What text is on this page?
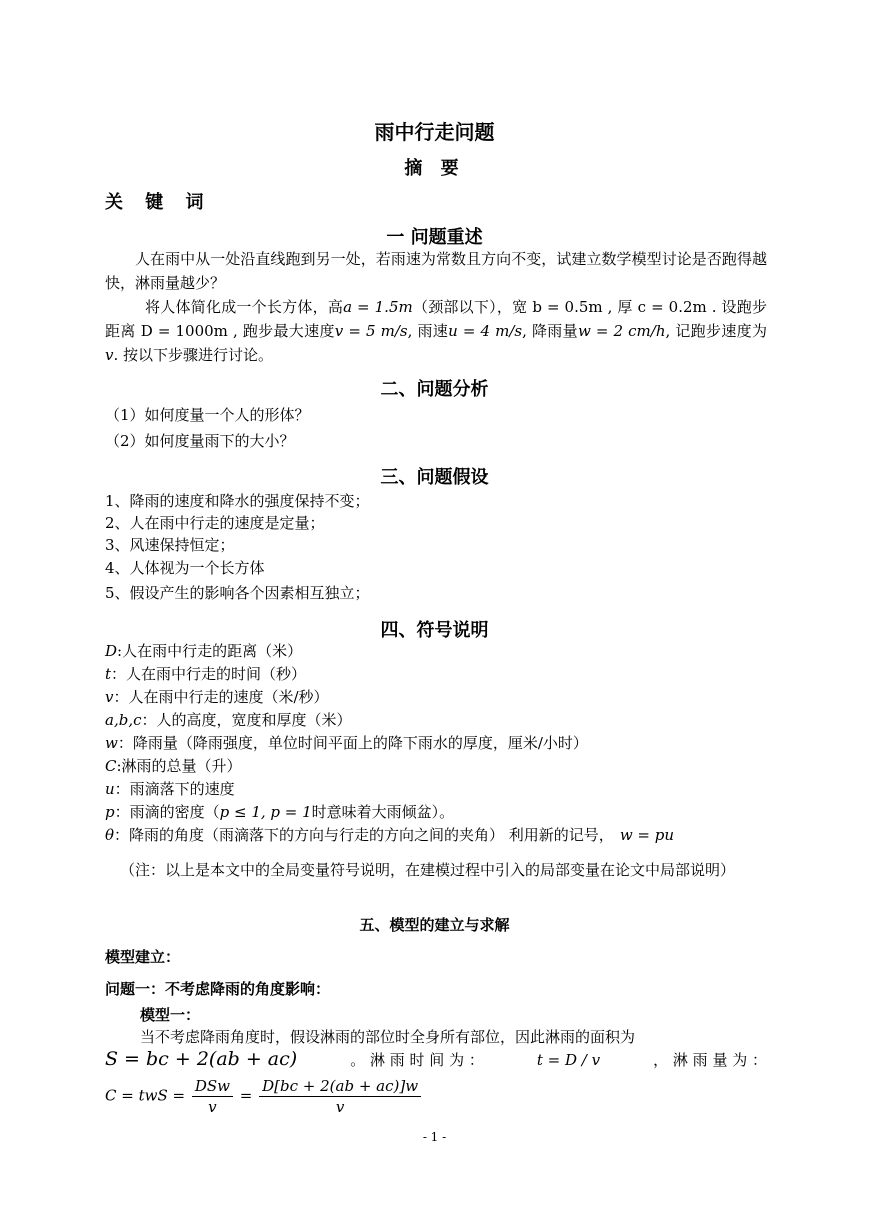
雨中行走问题
摘 要
关 键 词
一 问题重述
人在雨中从一处沿直线跑到另一处，若雨速为常数且方向不变，试建立数学模型讨论是否跑得越快，淋雨量越少？
将人体简化成一个长方体，高a = 1.5m（颈部以下），宽 b = 0.5m , 厚 c = 0.2m . 设跑步距离 D = 1000m , 跑步最大速度v = 5 m/s, 雨速u = 4 m/s, 降雨量w = 2 cm/h, 记跑步速度为v. 按以下步骤进行讨论。
二、问题分析
（1）如何度量一个人的形体？
（2）如何度量雨下的大小？
三、问题假设
1、降雨的速度和降水的强度保持不变；
2、人在雨中行走的速度是定量；
3、风速保持恒定；
4、人体视为一个长方体
5、假设产生的影响各个因素相互独立；
四、符号说明
D:人在雨中行走的距离（米）
t：人在雨中行走的时间（秒）
v：人在雨中行走的速度（米/秒）
a,b,c：人的高度，宽度和厚度（米）
w：降雨量（降雨强度，单位时间平面上的降下雨水的厚度，厘米/小时）
C:淋雨的总量（升）
u：雨滴落下的速度
p：雨滴的密度（p ≤ 1, p = 1时意味着大雨倾盆）。
θ：降雨的角度（雨滴落下的方向与行走的方向之间的夹角） 利用新的记号， w = pu
（注：以上是本文中的全局变量符号说明，在建模过程中引入的局部变量在论文中局部说明）
五、模型的建立与求解
模型建立：
问题一：不考虑降雨的角度影响：
模型一：
当不考虑降雨角度时，假设淋雨的部位时全身所有部位，因此淋雨的面积为
S = bc + 2(ab + ac)	。 淋 雨 时 间 为 ：	t = D / v	， 淋 雨 量 为 ：
C = twS = $\frac{\text{DSw}}{v} = \frac{D[bc + 2(ab + ac)]w}{v}$
- 1 -
